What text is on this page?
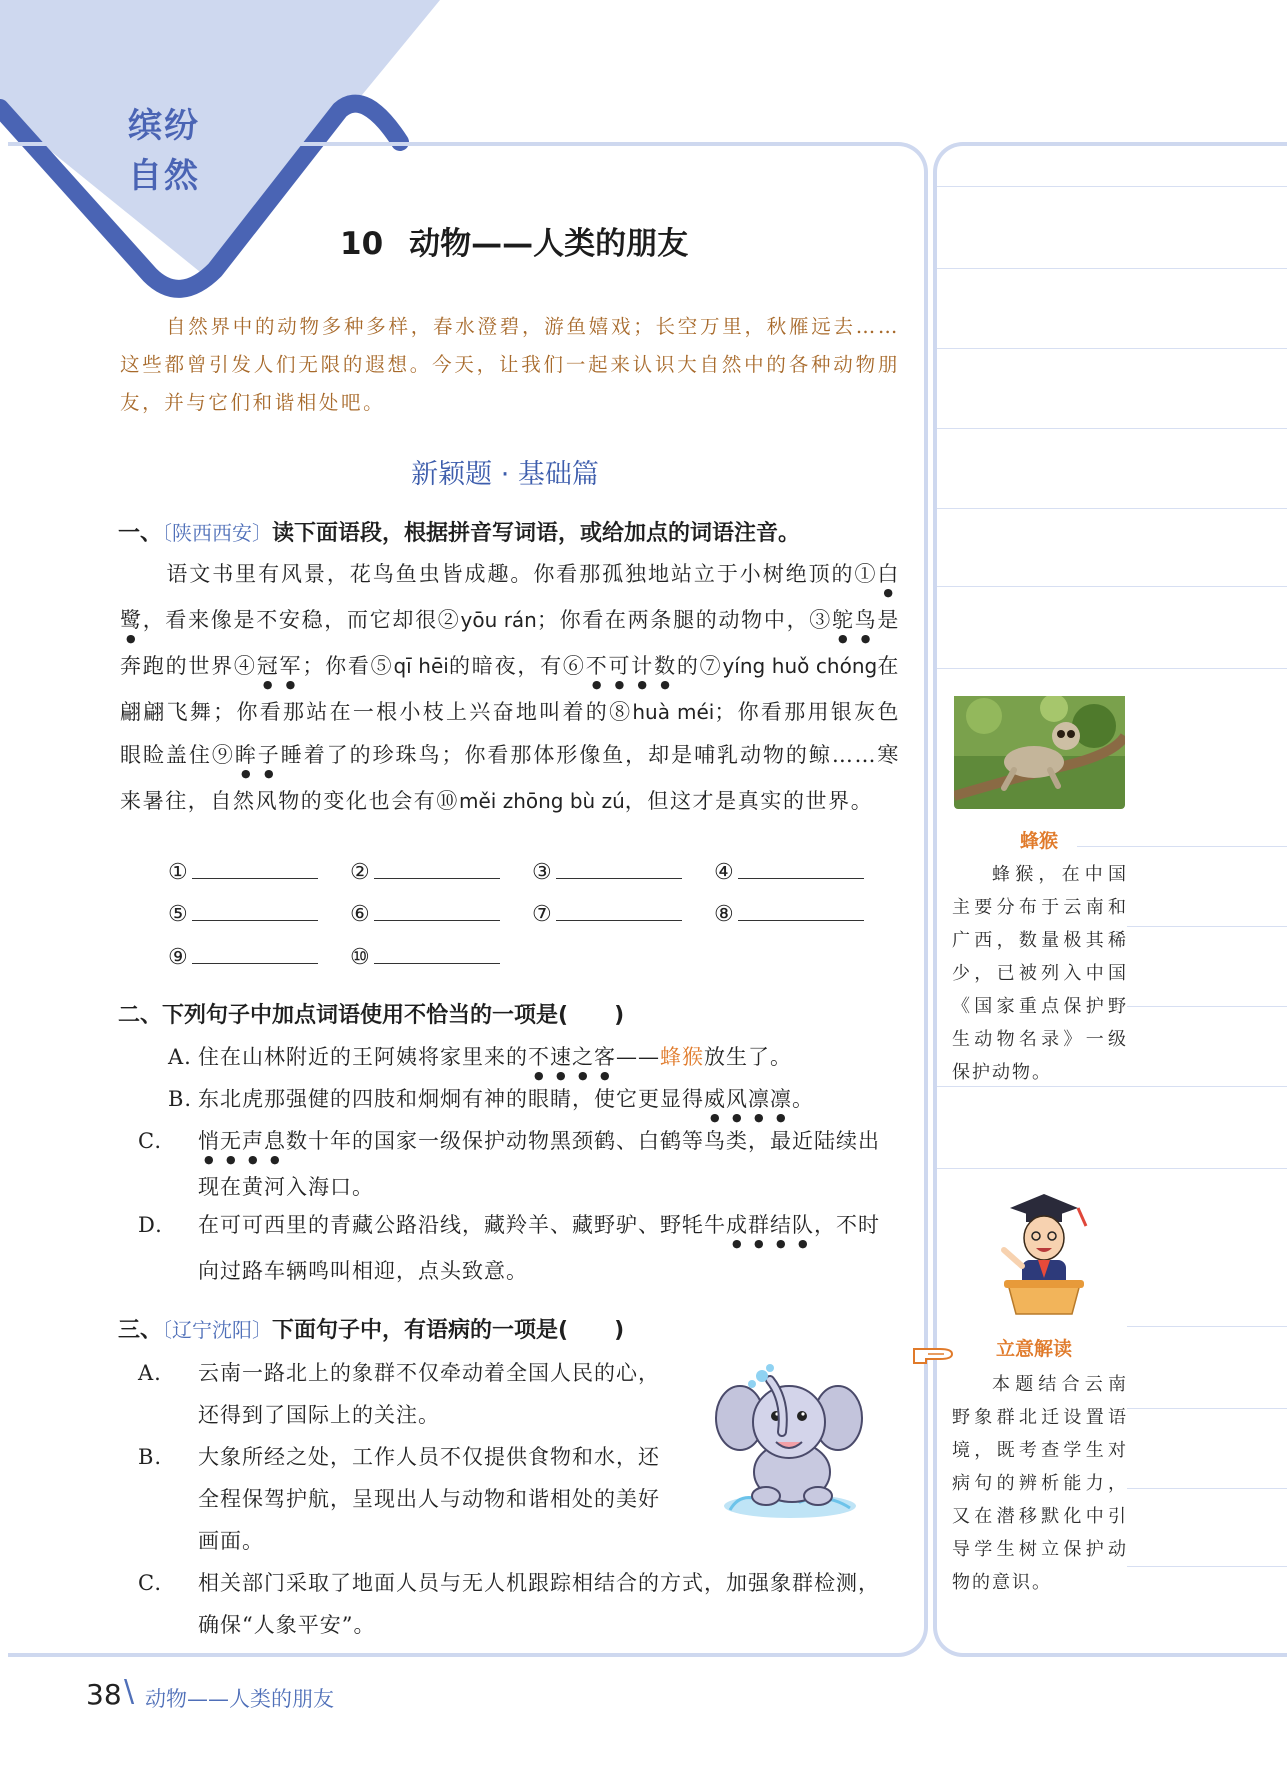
缤纷
自然
10 动物——人类的朋友

自然界中的动物多种多样，春水澄碧，游鱼嬉戏；长空万里，秋雁远去……这些都曾引发人们无限的遐想。今天，让我们一起来认识大自然中的各种动物朋友，并与它们和谐相处吧。

新颖题 · 基础篇
一、〔陕西西安〕读下面语段，根据拼音写词语，或给加点的词语注音。

语文书里有风景，花鸟鱼虫皆成趣。你看那孤独地站立于小树绝顶的①白鹭，看来像是不安稳，而它却很②yōu rán；你看在两条腿的动物中，③鸵鸟是奔跑的世界④冠军；你看⑤qī hēi的暗夜，有⑥不可计数的⑦yíng huǒ chóng在翩翩飞舞；你看那站在一根小枝上兴奋地叫着的⑧huà méi；你看那用银灰色眼睑盖住⑨眸子睡着了的珍珠鸟；你看那体形像鱼，却是哺乳动物的鲸……寒来暑往，自然风物的变化也会有⑩měi zhōng bù zú，但这才是真实的世界。

①	②	③	④
⑤	⑥	⑦	⑧
⑨	⑩
二、下列句子中加点词语使用不恰当的一项是( )

A. 住在山林附近的王阿姨将家里来的不速之客——蜂猴放生了。

B. 东北虎那强健的四肢和炯炯有神的眼睛，使它更显得威风凛凛。

C. 悄无声息数十年的国家一级保护动物黑颈鹤、白鹤等鸟类，最近陆续出现在黄河入海口。

D. 在可可西里的青藏公路沿线，藏羚羊、藏野驴、野牦牛成群结队，不时向过路车辆鸣叫相迎，点头致意。

三、〔辽宁沈阳〕下面句子中，有语病的一项是( )

A. 云南一路北上的象群不仅牵动着全国人民的心，还得到了国际上的关注。

B. 大象所经之处，工作人员不仅提供食物和水，还全程保驾护航，呈现出人与动物和谐相处的美好画面。

C. 相关部门采取了地面人员与无人机跟踪相结合的方式，加强象群检测，确保“人象平安”。

蜂猴

蜂猴，在中国主要分布于云南和广西，数量极其稀少，已被列入中国《国家重点保护野生动物名录》一级保护动物。

立意解读

本题结合云南野象群北迁设置语境，既考查学生对病句的辨析能力，又在潜移默化中引导学生树立保护动物的意识。

38 \ 动物——人类的朋友
